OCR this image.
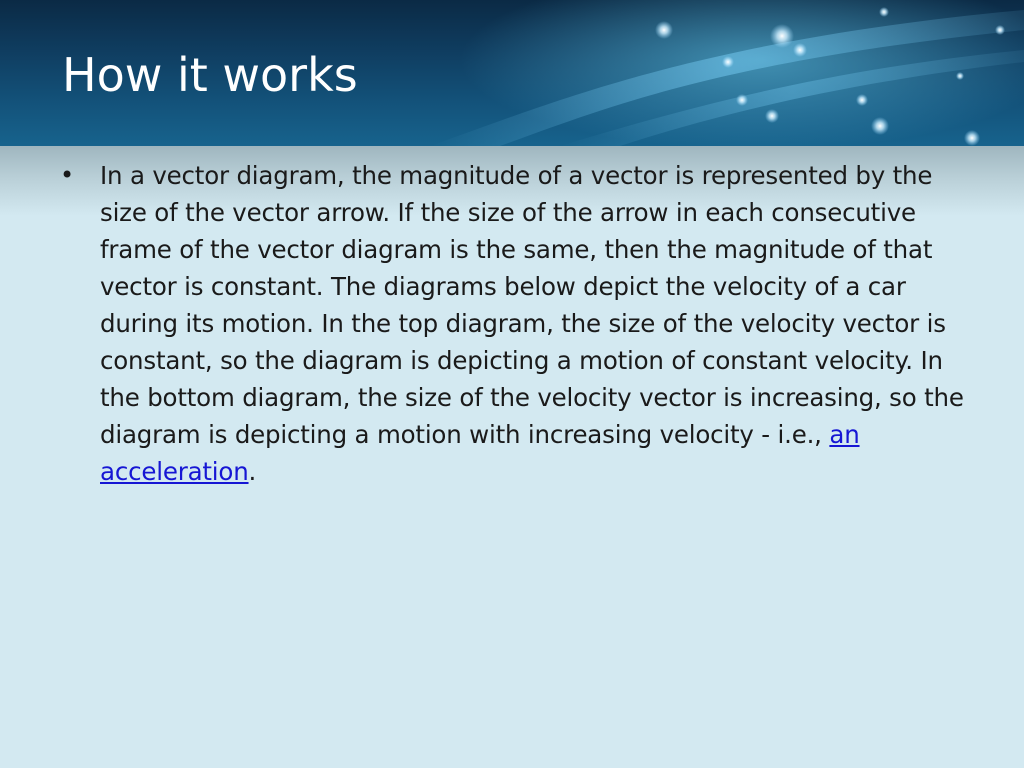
How it works
•	In a vector diagram, the magnitude of a vector is represented by the size of the vector arrow. If the size of the arrow in each consecutive frame of the vector diagram is the same, then the magnitude of that vector is constant. The diagrams below depict the velocity of a car during its motion. In the top diagram, the size of the velocity vector is constant, so the diagram is depicting a motion of constant velocity. In the bottom diagram, the size of the velocity vector is increasing, so the diagram is depicting a motion with increasing velocity - i.e., an acceleration.
